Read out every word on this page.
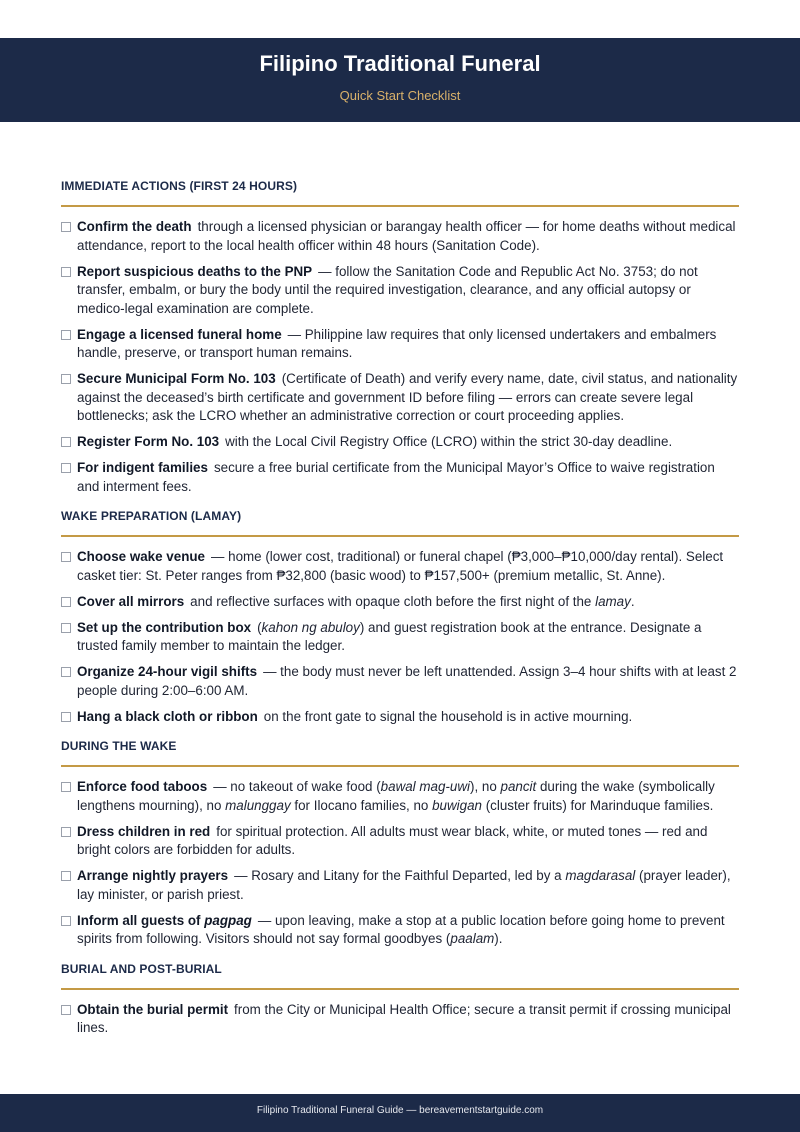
Filipino Traditional Funeral
Quick Start Checklist
IMMEDIATE ACTIONS (FIRST 24 HOURS)
Confirm the death through a licensed physician or barangay health officer — for home deaths without medical attendance, report to the local health officer within 48 hours (Sanitation Code).
Report suspicious deaths to the PNP — follow the Sanitation Code and Republic Act No. 3753; do not transfer, embalm, or bury the body until the required investigation, clearance, and any official autopsy or medico-legal examination are complete.
Engage a licensed funeral home — Philippine law requires that only licensed undertakers and embalmers handle, preserve, or transport human remains.
Secure Municipal Form No. 103 (Certificate of Death) and verify every name, date, civil status, and nationality against the deceased’s birth certificate and government ID before filing — errors can create severe legal bottlenecks; ask the LCRO whether an administrative correction or court proceeding applies.
Register Form No. 103 with the Local Civil Registry Office (LCRO) within the strict 30-day deadline.
For indigent families secure a free burial certificate from the Municipal Mayor’s Office to waive registration and interment fees.
WAKE PREPARATION (LAMAY)
Choose wake venue — home (lower cost, traditional) or funeral chapel (₱3,000–₱10,000/day rental). Select casket tier: St. Peter ranges from ₱32,800 (basic wood) to ₱157,500+ (premium metallic, St. Anne).
Cover all mirrors and reflective surfaces with opaque cloth before the first night of the lamay.
Set up the contribution box (kahon ng abuloy) and guest registration book at the entrance. Designate a trusted family member to maintain the ledger.
Organize 24-hour vigil shifts — the body must never be left unattended. Assign 3–4 hour shifts with at least 2 people during 2:00–6:00 AM.
Hang a black cloth or ribbon on the front gate to signal the household is in active mourning.
DURING THE WAKE
Enforce food taboos — no takeout of wake food (bawal mag-uwi), no pancit during the wake (symbolically lengthens mourning), no malunggay for Ilocano families, no buwigan (cluster fruits) for Marinduque families.
Dress children in red for spiritual protection. All adults must wear black, white, or muted tones — red and bright colors are forbidden for adults.
Arrange nightly prayers — Rosary and Litany for the Faithful Departed, led by a magdarasal (prayer leader), lay minister, or parish priest.
Inform all guests of pagpag — upon leaving, make a stop at a public location before going home to prevent spirits from following. Visitors should not say formal goodbyes (paalam).
BURIAL AND POST-BURIAL
Obtain the burial permit from the City or Municipal Health Office; secure a transit permit if crossing municipal lines.
Filipino Traditional Funeral Guide — bereavementstartguide.com
